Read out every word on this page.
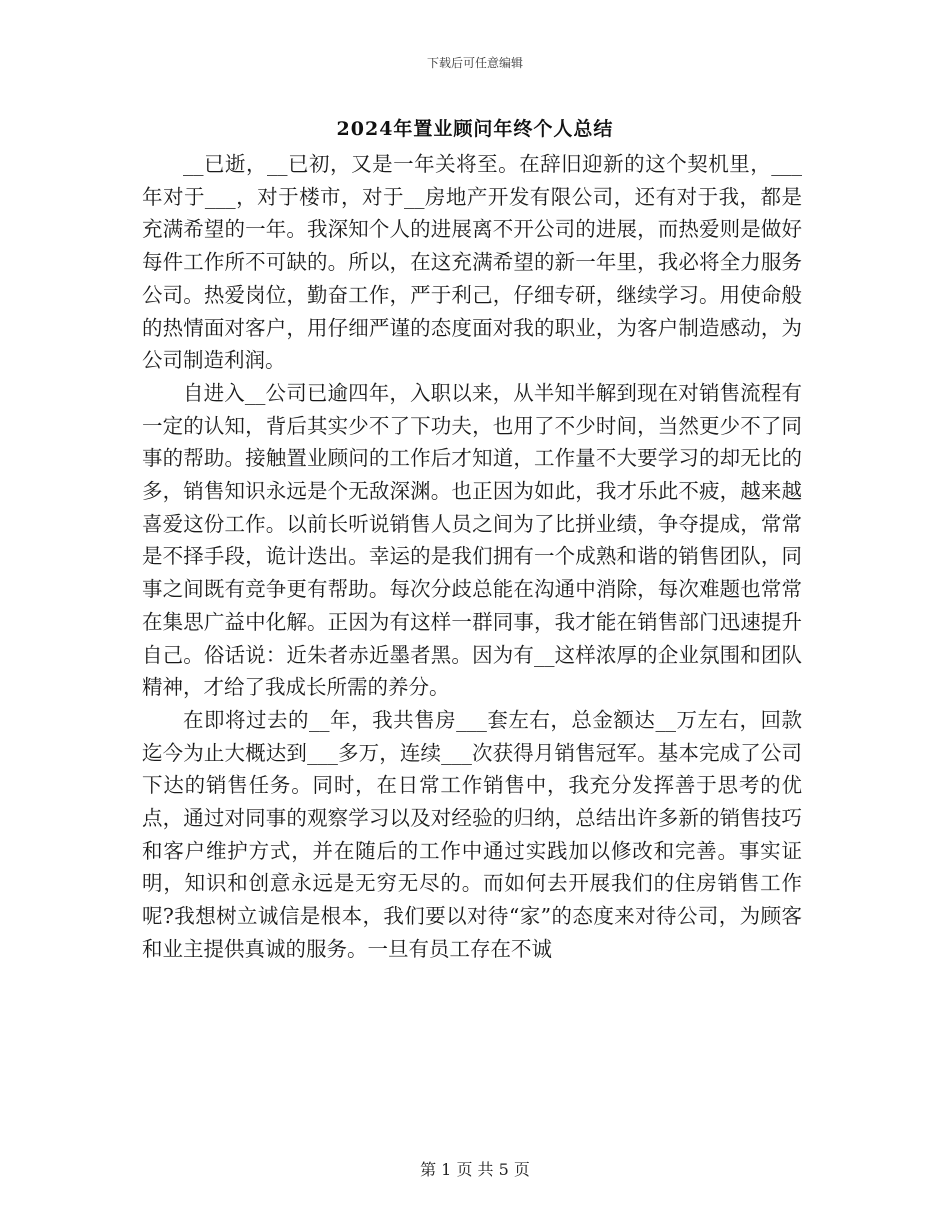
下载后可任意编辑
2024年置业顾问年终个人总结

__已逝，__已初，又是一年关将至。在辞旧迎新的这个契机里，___年对于___，对于楼市，对于__房地产开发有限公司，还有对于我，都是充满希望的一年。我深知个人的进展离不开公司的进展，而热爱则是做好每件工作所不可缺的。所以，在这充满希望的新一年里，我必将全力服务公司。热爱岗位，勤奋工作，严于利己，仔细专研，继续学习。用使命般的热情面对客户，用仔细严谨的态度面对我的职业，为客户制造感动，为公司制造利润。

自进入__公司已逾四年，入职以来，从半知半解到现在对销售流程有一定的认知，背后其实少不了下功夫，也用了不少时间，当然更少不了同事的帮助。接触置业顾问的工作后才知道，工作量不大要学习的却无比的多，销售知识永远是个无敌深渊。也正因为如此，我才乐此不疲，越来越喜爱这份工作。以前长听说销售人员之间为了比拼业绩，争夺提成，常常是不择手段，诡计迭出。幸运的是我们拥有一个成熟和谐的销售团队，同事之间既有竞争更有帮助。每次分歧总能在沟通中消除，每次难题也常常在集思广益中化解。正因为有这样一群同事，我才能在销售部门迅速提升自己。俗话说：近朱者赤近墨者黑。因为有__这样浓厚的企业氛围和团队精神，才给了我成长所需的养分。

在即将过去的__年，我共售房___套左右，总金额达__万左右，回款迄今为止大概达到___多万，连续___次获得月销售冠军。基本完成了公司下达的销售任务。同时，在日常工作销售中，我充分发挥善于思考的优点，通过对同事的观察学习以及对经验的归纳，总结出许多新的销售技巧和客户维护方式，并在随后的工作中通过实践加以修改和完善。事实证明，知识和创意永远是无穷无尽的。而如何去开展我们的住房销售工作呢?我想树立诚信是根本，我们要以对待“家”的态度来对待公司，为顾客和业主提供真诚的服务。一旦有员工存在不诚

第 1 页 共 5 页
